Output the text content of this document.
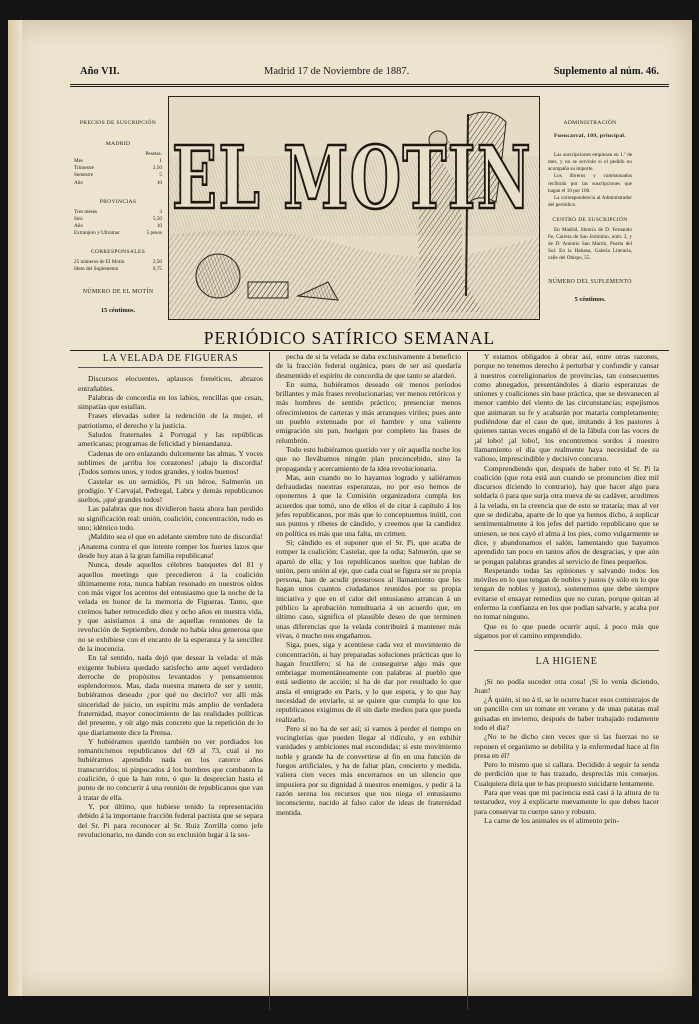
Año VII.	Madrid 17 de Noviembre de 1887.	Suplemento al núm. 46.
PRECIOS DE SUSCRIPCIÓN
MADRID
Pesetas.
Mes	1
Trimestre	2,50
Semestre	5
Año	10
PROVINCIAS
Tres meses	3
Seis	5,50
Año	10
Extranjero y Ultramar	5 pesos
CORRESPONSALES
25 números de El Motín	2,50
Idem del Suplemento	0,75
NÚMERO DE EL MOTÍN
15 céntimos.
ADMINISTRACIÓN
Fuencarral, 109, principal.
Las suscripciones empiezan en 1.º de mes, y no se servirán si el pedido no acompaña su importe.
Los libreros y comisionados recibirán por las suscripciones que hagan el 10 por 100.
La correspondencia al Administrador del periódico.
CENTRO DE SUSCRIPCIÓN
En Madrid, librería de D. Fernando Fe, Carrera de San Jerónimo, núm. 2, y de D. Antonio San Martín, Puerta del Sol. En la Habana, Galería Literaria, calle del Obispo, 55.
NÚMERO DEL SUPLEMENTO
5 céntimos.
EL MOTIN
PERIÓDICO SATÍRICO SEMANAL
LA VELADA DE FIGUERAS

Discursos elocuentes, aplausos frenéticos, abrazos entrañables.

Palabras de concordia en los labios, rencillas que cesan, simpatías que estallan.

Frases elevadas sobre la redención de la mujer, el patriotismo, el derecho y la justicia.

Saludos fraternales á Portugal y las repúblicas americanas; programas de felicidad y bienandanza.

Cadenas de oro enlazando dulcemente las almas. Y voces sublimes de ¡arriba los corazones! ¡abajo la discordia! ¡Todos somos unos, y todos grandes, y todos buenos!

Castelar es un semidiós, Pi un héroe, Salmerón un prodigio. Y Carvajal, Pedregal, Labra y demás republicanos sueltos, ¡qué grandes todos!

Las palabras que nos dividieron hasta ahora han perdido su significación real: unión, coalición, concentración, todo es uno; idéntico todo.

¡Maldito sea el que en adelante siembre tuto de discordia! ¡Anatema contra el que intente romper los fuertes lazos que desde hoy atan á la gran familia republicana!

Nunca, desde aquellos célebres banquetes del 81 y aquellos meetings que precedieron á la coalición últimamente rota, nunca habían resonado en nuestros oídos con más vigor los acentos del entusiasmo que la noche de la velada en honor de la memoria de Figueras. Tanto, que creímos haber retrocedido diez y ocho años en nuestra vida, y que asistíamos á una de aquellas reuniones de la revolución de Septiembre, donde no había idea generosa que no se exhibiese con el encanto de la esperanza y la sencillez de la inocencia.

En tal sentido, nada dejó que desear la velada: el más exigente hubiera quedado satisfecho ante aquel verdadero derroche de propósitos levantados y pensamientos esplendorosos. Mas, dada nuestra manera de ser y sentir, hubiéramos deseado ¿por qué no decirlo? ver allí más sinceridad de juicio, un espíritu más amplio de verdadera fraternidad, mayor conocimiento de las realidades políticas del presente, y oír algo más concreto que la repetición de lo que diariamente dice la Prensa.

Y hubiéramos querido también no ver pordiados los romanticismos republicanos del 69 al 73, cual si no hubiéramos aprendido nada en los catorce años transcurridos; ni pinpocados á los hombres que combaten la coalición, ó que la han roto, ó que la desprecian hasta el punto de no concurrir á una reunión de republicanos que van á tratar de ella.

Y, por último, que hubiese tenido la representación debido á la importante fracción federal pactista que se separa del Sr. Pi para reconocer al Sr. Ruiz Zorrilla como jefe revolucionario, no dando con su exclusión lugar á la sos-

pecha de si la velada se daba exclusivamente á beneficio de la fracción federal orgánica, pues de ser así quedaría desmentido el espíritu de concordia de que tanto se alardeó.

En suma, hubiéramos deseado oír menos períodos brillantes y más frases revolucionarias; ver menos retóricos y más hombres de sentido práctico; presenciar menos ofrecimientos de carteras y más arranques viriles; pues ante un pueblo extenuado por el hambre y una valiente emigración sin pan, huelgan por completo las frases de relumbrón.

Todo esto hubiéramos querido ver y oír aquella noche los que no llevábamos ningún plan preconcebido, sino la propaganda y acercamiento de la idea revolucionaria.

Mas, aun cuando no lo hayamos logrado y saliéramos defraudadas nuestras esperanzas, no por eso hemos de oponernos á que la Comisión organizadora cumpla los acuerdos que tomó, uno de ellos el de citar á capítulo á los jefes republicanos, por más que lo conceptuemos inútil, con sus puntos y ribetes de cándido, y creemos que la candidez en política es más que una falta, un crimen.

Si; cándido es el suponer que el Sr. Pi, que acaba de romper la coalición; Castelar, que la odia; Salmerón, que se apartó de ella; y los republicanos sueltos que hablan de unión, pero unión al eje, que cada cual se figura ser su propia persona, han de acudir presurosos al llamamiento que les hagan unos cuantos ciudadanos reunidos por su propia iniciativa y que en el calor del entusiasmo arrancan á un público la aprobación tumultuaria á un acuerdo que, en último caso, significa el plausible deseo de que terminen unas diferencias que la velada contribuirá á mantener más vivas, ó mucho nos engañamos.

Siga, pues, siga y acentúese cada vez el movimiento de concentración, si hay preparadas soluciones prácticas que lo hagan fructífero; si ha de conseguirse algo más que embriagar momentáneamente con palabras al pueblo que está sediento de acción; si ha de dar por resultado lo que ansía el emigrado en París, y lo que espera, y lo que hay necesidad de enviarle, si se quiere que cumpla lo que los republicanos exigimos de él sin darle medios para que pueda realizarlo.

Pero si no ha de ser así; si vamos á perder el tiempo en vocinglerías que pueden llegar al ridículo, y en exhibir vanidades y ambiciones mal escondidas; si este movimiento noble y grande ha de convertirse al fin en una función de fuegos artificiales, y ha de faltar plan, concierto y medida, valiera cien veces más encerrarnos en un silencio que impusiera por su dignidad á nuestros enemigos, y pedir á la razón serena los recursos que nos niega el entusiasmo inconsciente, nacido al falso calor de ideas de fraternidad mentida.

Y estamos obligados á obrar así, entre otras razones, porque no tenemos derecho á perturbar y confundir y cansar á nuestros correligionarios de provincias, tan consecuentes como abnegados, presentándoles á diario esperanzas de uniones y coaliciones sin base práctica, que se desvanecen al menor cambio del viento de las circunstancias; espejismos que animaran su fe y acabarán por mataría completamente; pudiéndose dar el caso de que, imitando á los pastores á quienes tantas veces engañó el de la fábula con las voces de ¡al lobo! ¡al lobo!, los encontremos sordos á nuestro llamamiento el día que realmente haya necesidad de su valioso, imprescindible y decisivo concurso.

Comprendiendo que, después de haber roto el Sr. Pi la coalición (que rota está aun cuando se pronuncien diez mil discursos diciendo lo contrario), hay que hacer algo para soldarla ó para que surja otra nueva de su cadáver, acudimos á la velada, en la creencia que de esto se trataría; mas al ver que se dedicaba, aparte de lo que ya hemos dicho, á suplicar sentimentalmente á los jefes del partido republicano que se uniesen, se nos cayó el alma á los pies, como vulgarmente se dice, y abandonamos el salón, lamentando que hayamos aprendido tan poco en tantos años de desgracias, y que aún se pongan palabras grandes al servicio de fines pequeños.

Respetando todas las opiniones y salvando todos los móviles en lo que tengan de nobles y justos (y sólo en lo que tengan de nobles y justos), sostenemos que debe siempre evitarse el ensayar remedios que no curan, porque quitan al enfermo la confianza en los que podían salvarle, y acaba por no tomar ninguno.

Que es lo que puede ocurrir aquí, á poco más que sigamos por el camino emprendido.

LA HIGIENE

¡Si no podía suceder otra cosa! ¡Si lo venía diciendo, Juan!

¿Á quién, si no á tí, se le ocurre hacer esos comistrajos de un pancillo con un tomate en verano y de unas patatas mal guisadas en invierno, después de haber trabajado rudamente todo el día?

¿No te he dicho cien veces que si las fuerzas no se reponen el organismo se debilita y la enfermedad hace al fin presa en él?

Pero lo mismo que si callara. Decidido á seguir la senda de perdición que te has trazado, despreciás mis consejos. Cualquiera diría que te has propuesto suicidarte lentamente.

Para que veas que mi paciencia está casi á la altura de tu testarudez, voy á explicarte nuevamente lo que debes hacer para conservar tu cuerpo sano y robusto.

La carne de los animales es el alimento prin-
